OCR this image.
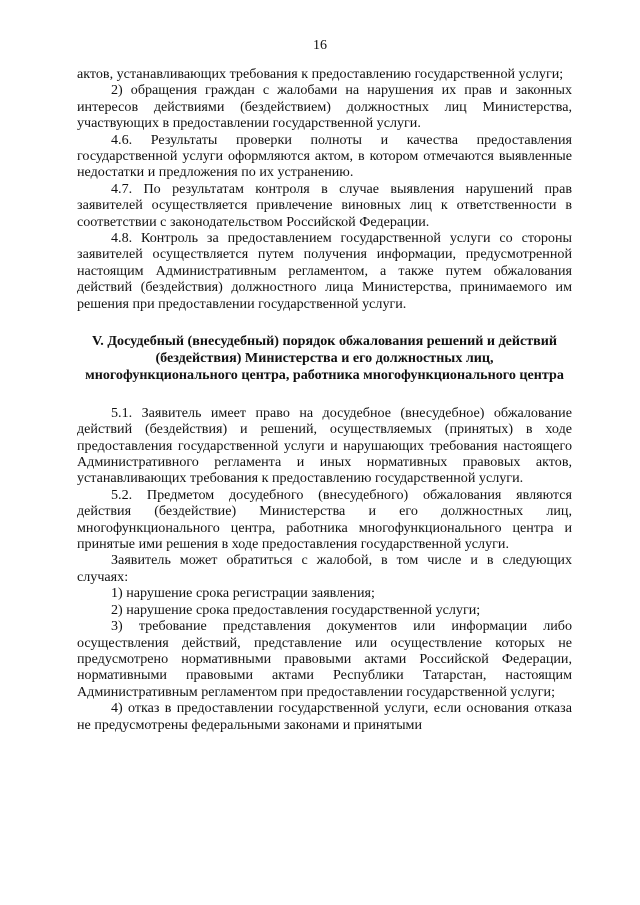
16

актов, устанавливающих требования к предоставлению государственной услуги;

2) обращения граждан с жалобами на нарушения их прав и законных интересов действиями (бездействием) должностных лиц Министерства, участвующих в предоставлении государственной услуги.

4.6. Результаты проверки полноты и качества предоставления государственной услуги оформляются актом, в котором отмечаются выявленные недостатки и предложения по их устранению.

4.7. По результатам контроля в случае выявления нарушений прав заявителей осуществляется привлечение виновных лиц к ответственности в соответствии с законодательством Российской Федерации.

4.8. Контроль за предоставлением государственной услуги со стороны заявителей осуществляется путем получения информации, предусмотренной настоящим Административным регламентом, а также путем обжалования действий (бездействия) должностного лица Министерства, принимаемого им решения при предоставлении государственной услуги.

V. Досудебный (внесудебный) порядок обжалования решений и действий (бездействия) Министерства и его должностных лиц, многофункционального центра, работника многофункционального центра

5.1. Заявитель имеет право на досудебное (внесудебное) обжалование действий (бездействия) и решений, осуществляемых (принятых) в ходе предоставления государственной услуги и нарушающих требования настоящего Административного регламента и иных нормативных правовых актов, устанавливающих требования к предоставлению государственной услуги.

5.2. Предметом досудебного (внесудебного) обжалования являются действия (бездействие) Министерства и его должностных лиц, многофункционального центра, работника многофункционального центра и принятые ими решения в ходе предоставления государственной услуги.

Заявитель может обратиться с жалобой, в том числе и в следующих случаях:

1) нарушение срока регистрации заявления;

2) нарушение срока предоставления государственной услуги;

3) требование представления документов или информации либо осуществления действий, представление или осуществление которых не предусмотрено нормативными правовыми актами Российской Федерации, нормативными правовыми актами Республики Татарстан, настоящим Административным регламентом при предоставлении государственной услуги;

4) отказ в предоставлении государственной услуги, если основания отказа не предусмотрены федеральными законами и принятыми
